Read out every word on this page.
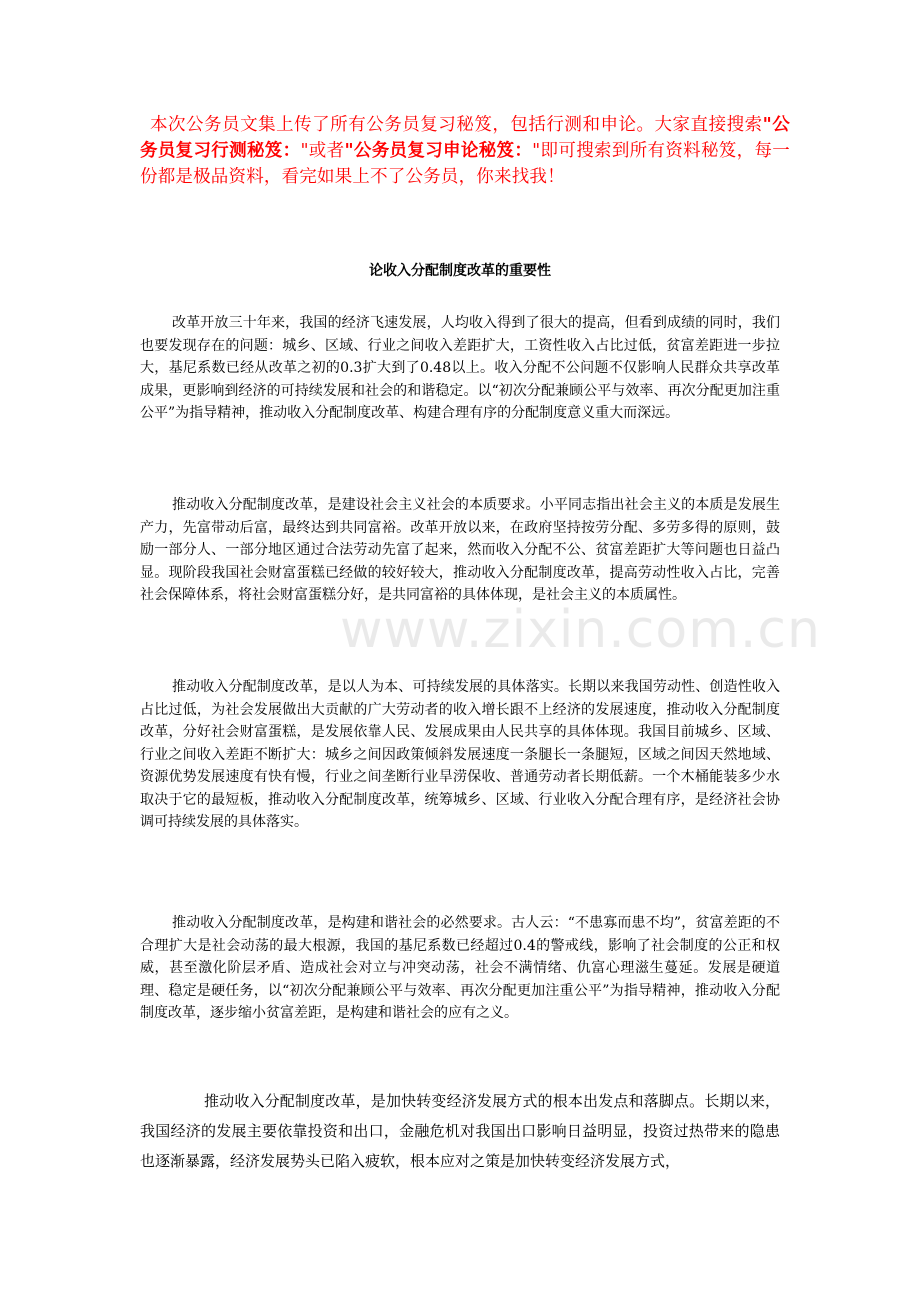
本次公务员文集上传了所有公务员复习秘笈，包括行测和申论。大家直接搜索"公务员复习行测秘笈："或者"公务员复习申论秘笈："即可搜索到所有资料秘笈，每一份都是极品资料，看完如果上不了公务员，你来找我！
论收入分配制度改革的重要性

改革开放三十年来，我国的经济飞速发展，人均收入得到了很大的提高，但看到成绩的同时，我们也要发现存在的问题：城乡、区域、行业之间收入差距扩大，工资性收入占比过低，贫富差距进一步拉大，基尼系数已经从改革之初的0.3扩大到了0.48以上。收入分配不公问题不仅影响人民群众共享改革成果，更影响到经济的可持续发展和社会的和谐稳定。以“初次分配兼顾公平与效率、再次分配更加注重公平”为指导精神，推动收入分配制度改革、构建合理有序的分配制度意义重大而深远。

推动收入分配制度改革，是建设社会主义社会的本质要求。小平同志指出社会主义的本质是发展生产力，先富带动后富，最终达到共同富裕。改革开放以来，在政府坚持按劳分配、多劳多得的原则，鼓励一部分人、一部分地区通过合法劳动先富了起来，然而收入分配不公、贫富差距扩大等问题也日益凸显。现阶段我国社会财富蛋糕已经做的较好较大，推动收入分配制度改革，提高劳动性收入占比，完善社会保障体系，将社会财富蛋糕分好，是共同富裕的具体体现，是社会主义的本质属性。

推动收入分配制度改革，是以人为本、可持续发展的具体落实。长期以来我国劳动性、创造性收入占比过低，为社会发展做出大贡献的广大劳动者的收入增长跟不上经济的发展速度，推动收入分配制度改革，分好社会财富蛋糕，是发展依靠人民、发展成果由人民共享的具体体现。我国目前城乡、区域、行业之间收入差距不断扩大：城乡之间因政策倾斜发展速度一条腿长一条腿短，区域之间因天然地域、资源优势发展速度有快有慢，行业之间垄断行业旱涝保收、普通劳动者长期低薪。一个木桶能装多少水取决于它的最短板，推动收入分配制度改革，统筹城乡、区域、行业收入分配合理有序，是经济社会协调可持续发展的具体落实。

推动收入分配制度改革，是构建和谐社会的必然要求。古人云：“不患寡而患不均”，贫富差距的不合理扩大是社会动荡的最大根源，我国的基尼系数已经超过0.4的警戒线，影响了社会制度的公正和权威，甚至激化阶层矛盾、造成社会对立与冲突动荡，社会不满情绪、仇富心理滋生蔓延。发展是硬道理、稳定是硬任务，以“初次分配兼顾公平与效率、再次分配更加注重公平”为指导精神，推动收入分配制度改革，逐步缩小贫富差距，是构建和谐社会的应有之义。

推动收入分配制度改革，是加快转变经济发展方式的根本出发点和落脚点。长期以来，我国经济的发展主要依靠投资和出口，金融危机对我国出口影响日益明显，投资过热带来的隐患也逐渐暴露，经济发展势头已陷入疲软，根本应对之策是加快转变经济发展方式，

www.zixin.com.cn
